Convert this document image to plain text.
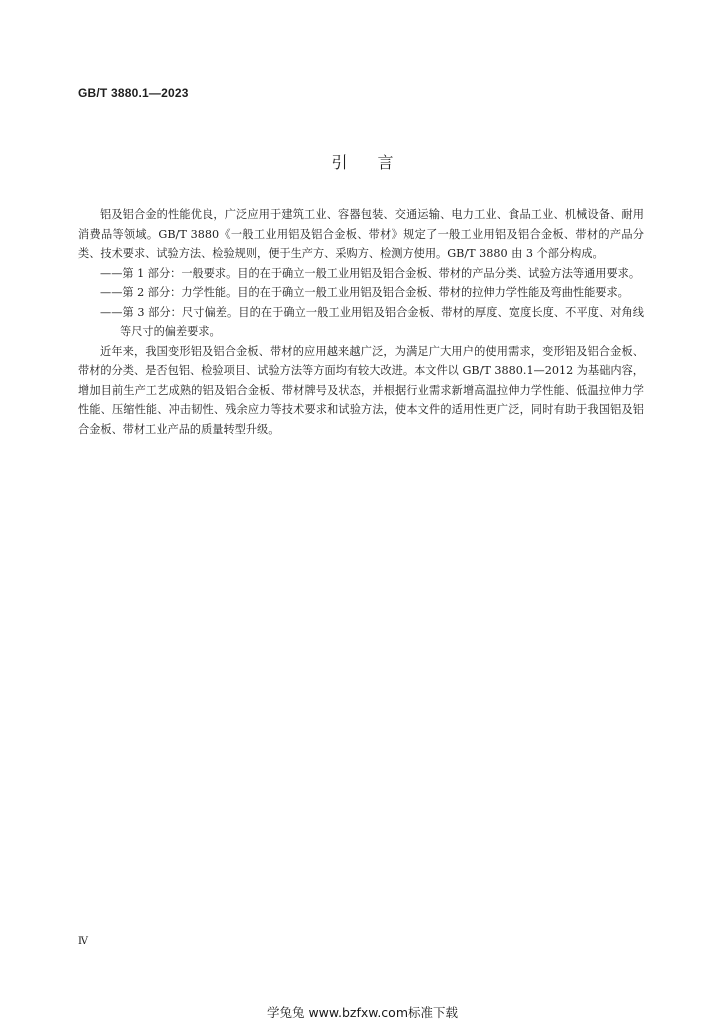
GB/T 3880.1—2023
引言

铝及铝合金的性能优良，广泛应用于建筑工业、容器包装、交通运输、电力工业、食品工业、机械设备、耐用消费品等领域。GB/T 3880《一般工业用铝及铝合金板、带材》规定了一般工业用铝及铝合金板、带材的产品分类、技术要求、试验方法、检验规则，便于生产方、采购方、检测方使用。GB/T 3880 由 3 个部分构成。

——第 1 部分：一般要求。目的在于确立一般工业用铝及铝合金板、带材的产品分类、试验方法等通用要求。

——第 2 部分：力学性能。目的在于确立一般工业用铝及铝合金板、带材的拉伸力学性能及弯曲性能要求。

——第 3 部分：尺寸偏差。目的在于确立一般工业用铝及铝合金板、带材的厚度、宽度长度、不平度、对角线等尺寸的偏差要求。

近年来，我国变形铝及铝合金板、带材的应用越来越广泛，为满足广大用户的使用需求，变形铝及铝合金板、带材的分类、是否包铝、检验项目、试验方法等方面均有较大改进。本文件以 GB/T 3880.1—2012 为基础内容，增加目前生产工艺成熟的铝及铝合金板、带材牌号及状态，并根据行业需求新增高温拉伸力学性能、低温拉伸力学性能、压缩性能、冲击韧性、残余应力等技术要求和试验方法，使本文件的适用性更广泛，同时有助于我国铝及铝合金板、带材工业产品的质量转型升级。

Ⅳ
学兔兔 www.bzfxw.com标准下载
